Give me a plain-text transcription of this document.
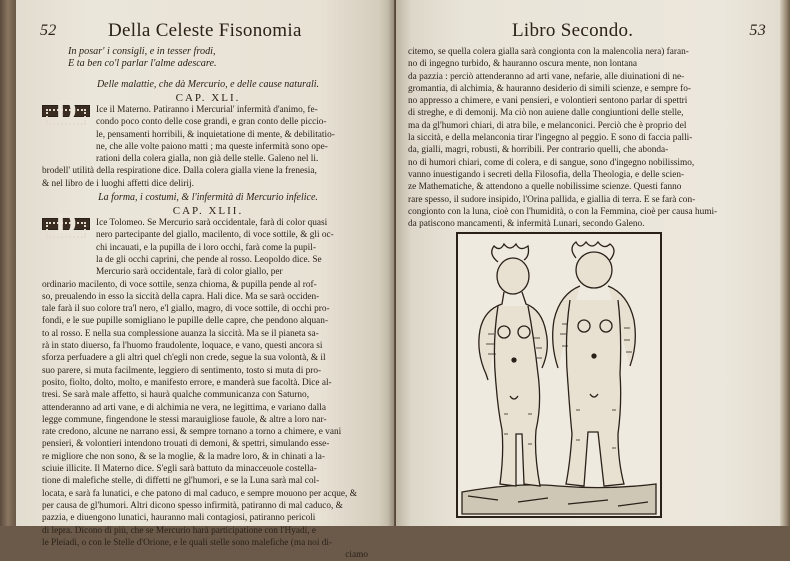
52	Della Celeste Fisonomia
In posar' i consigli, e in tesser frodi,
E ta ben co'l parlar l'alme adescare.
Delle malattie, che dà Mercurio, e delle cause naturali.
CAP. XLI.
D	Ice il Materno. Patiranno i Mercurial' infermità d'animo, fe-
condo poco conto delle cose grandi, e gran conto delle piccio-
le, pensamenti horribili, & inquietatione di mente, & debilitatio-
ne, che alle volte paiono matti ; ma queste infermità sono ope-
rationi della colera gialla, non già delle stelle. Galeno nel li.
brodell' utilità della respiratione dice. Dalla colera gialla viene la frenesia,
& nel libro de i luoghi affetti dice delirij.
La forma, i costumi, & l'infermità di Mercurio infelice.
CAP. XLII.
D	Ice Tolomeo. Se Mercurio sarà occidentale, farà di color quasi
nero partecipante del giallo, macilento, di voce sottile, & gli oc-
chi incauati, e la pupilla de i loro occhi, farà come la pupil-
la de gli occhi caprini, che pende al rosso. Leopoldo dice. Se
Mercurio sarà occidentale, farà di color giallo, per
ordinario macilento, di voce sottile, senza chioma, & pupilla pende al rof-
so, preualendo in esso la siccità della capra. Hali dice. Ma se sarà occiden-
tale farà il suo colore tra'l nero, e'l giallo, magro, di voce sottile, di occhi pro-
fondi, e le sue pupille somigliano le pupille delle capre, che pendono alquan-
to al rosso. E nella sua complessione auanza la siccità. Ma se il pianeta sa-
rà in stato diuerso, fa l'huomo fraudolente, loquace, e vano, questi ancora si
sforza perfuadere a gli altri quel ch'egli non crede, segue la sua volontà, & il
suo parere, si muta facilmente, leggiero di sentimento, tosto si muta di pro-
posito, fiolto, dolto, molto, e manifesto errore, e manderà sue facoltà. Dice al-
tresi. Se sarà male affetto, si haurà qualche communicanza con Saturno,
attenderanno ad arti vane, e di alchimia ne vera, ne legittima, e variano dalla
legge commune, fingendone le stessi marauigliose fauole, & altre a loro nar-
rate credono, alcune ne narrano essi, & sempre tornano a torno a chimere, e vani
pensieri, & volontieri intendono trouati di demoni, & spettri, simulando esse-
re migliore che non sono, & se la moglie, & la madre loro, & in chinati a la-
sciuie illicite. Il Materno dice. S'egli sarà battuto da minacceuole costella-
tione di malefiche stelle, di diffetti ne gl'humori, e se la Luna sarà mal col-
locata, e sarà fa lunatici, e che patono di mal caduco, e sempre mouono per acque, &
per causa de gl'humori. Altri dicono spesso infirmità, patiranno di mal caduco, &
pazzia, e diuengono lunatici, hauranno mali contagiosi, patiranno pericoli
di lepra. Dicono di più, che se Mercurio harà participatione con l'Hyadi, e
le Pleiadi, o con le Stelle d'Orione, e le quali stelle sono malefiche (ma noi di-
ciamo
Libro Secondo.	53
citemo, se quella colera gialla sarà congionta con la malencolia nera) faran-
no di ingegno turbido, & hauranno oscura mente, non lontana
da pazzia : perciò attenderanno ad arti vane, nefarie, alle diuinationi di ne-
gromantia, di alchimia, & hauranno desiderio di simili scienze, e sempre fo-
no appresso a chimere, e vani pensieri, e volontieri sentono parlar di spettri
di streghe, e di demonij. Ma ciò non auiene dalle congiuntioni delle stelle,
ma da gl'humori chiari, di atra bile, e melanconici. Perciò che è proprio del
la siccità, e della melanconia tirar l'ingegno al peggio. E sono di faccia palli-
da, gialli, magri, robusti, & horribili. Per contrario quelli, che abonda-
no di humori chiari, come di colera, e di sangue, sono d'ingegno nobilissimo,
vanno inuestigando i secreti della Filosofia, della Theologia, e delle scien-
ze Mathematiche, & attendono a quelle nobilissime scienze. Questi fanno
rare spesso, il sudore insipido, l'Orina pallida, e giallia di terra. E se farà con-
congionto con la luna, cioè con l'humidità, o con la Femmina, cioè per causa humi-
da patiscono mancamenti, & infermità Lunari, secondo Galeno.
